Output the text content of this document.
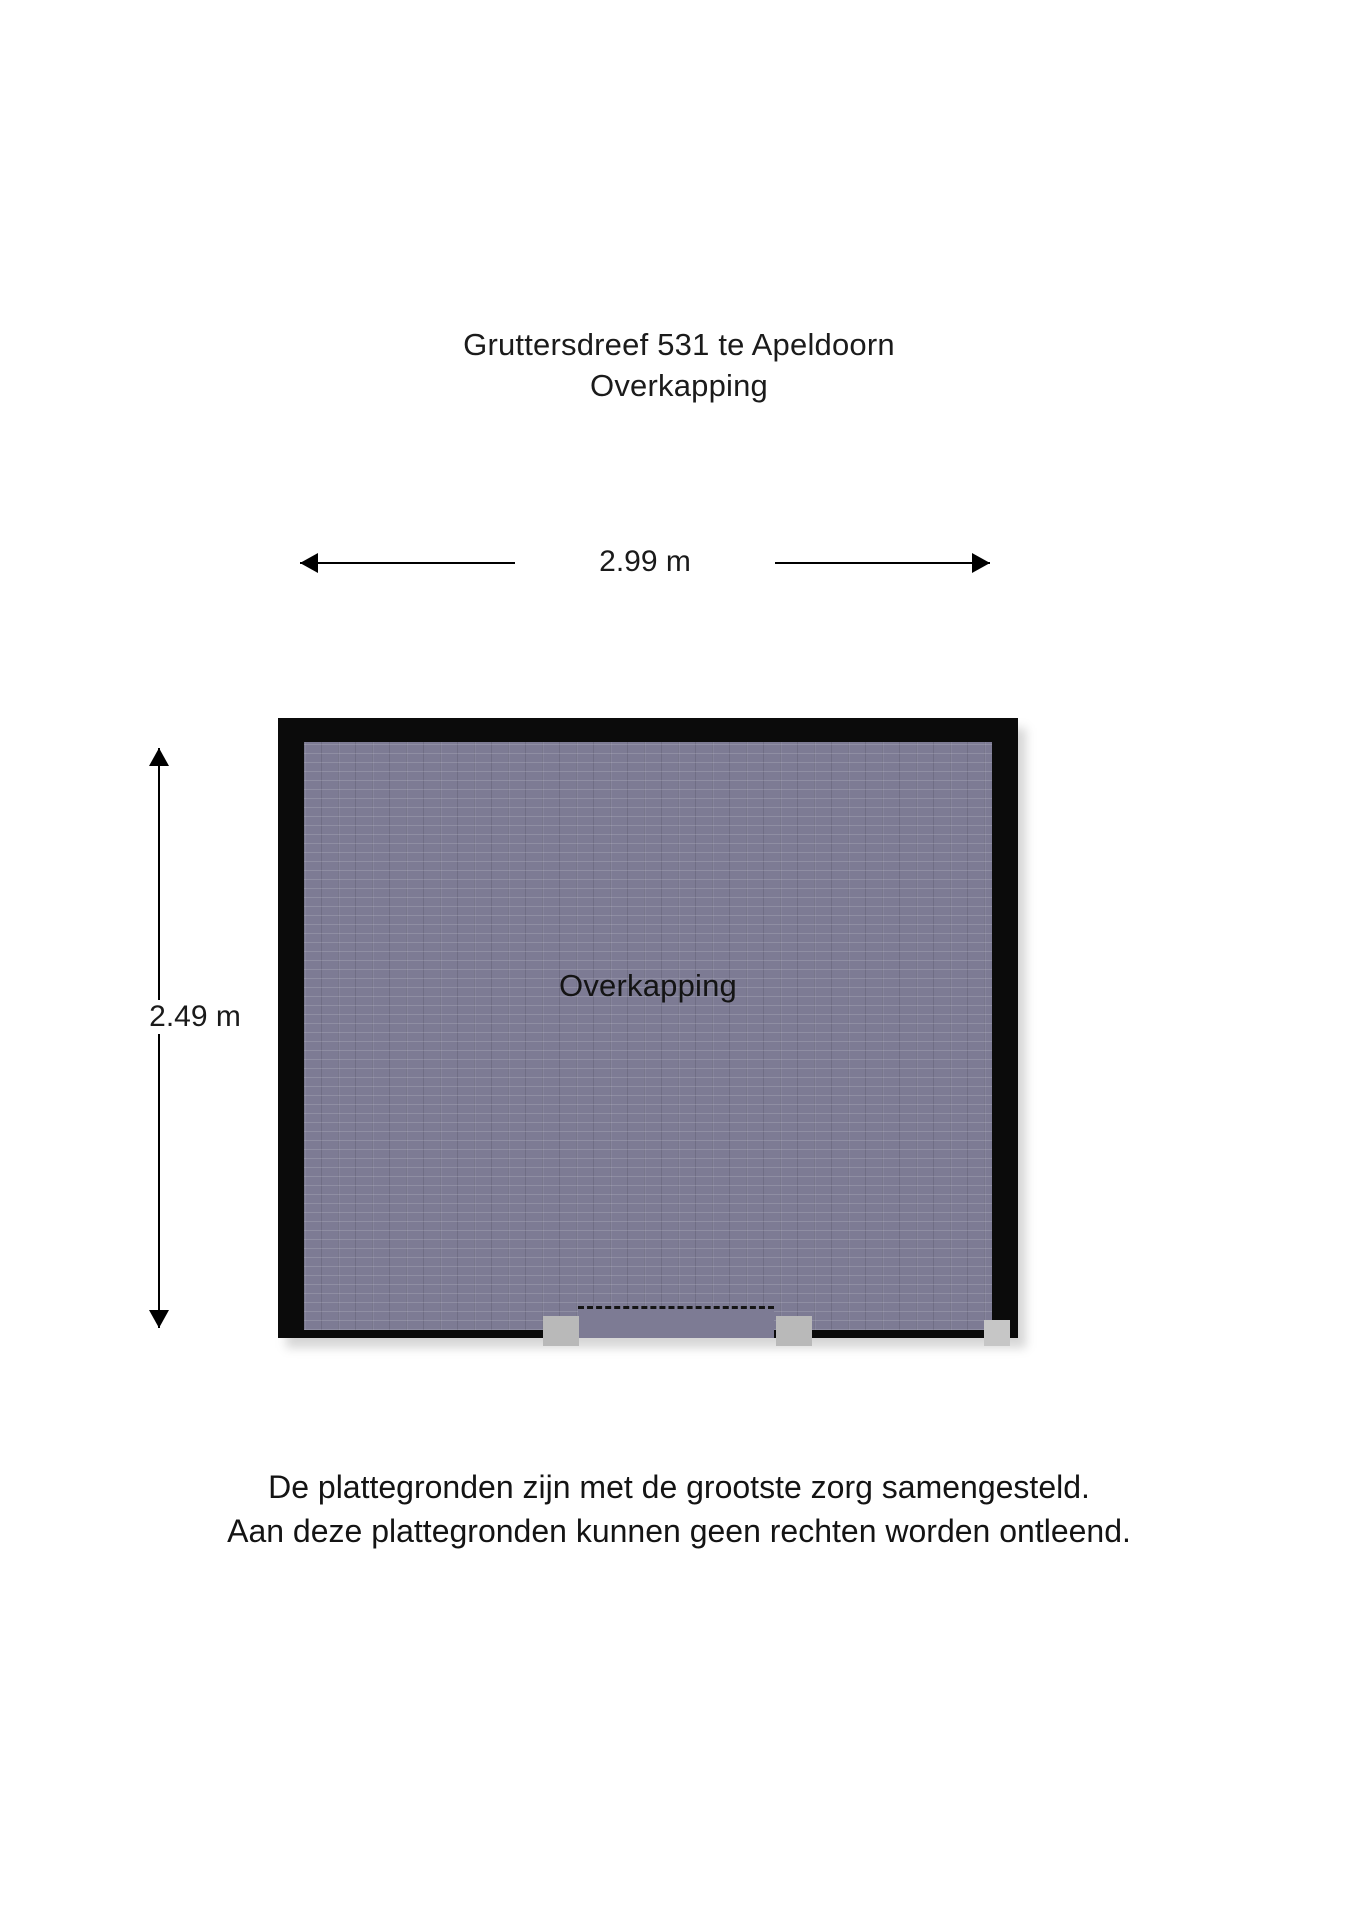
Gruttersdreef 531 te Apeldoorn
Overkapping
2.99 m
2.49 m
Overkapping
De plattegronden zijn met de grootste zorg samengesteld.
Aan deze plattegronden kunnen geen rechten worden ontleend.
